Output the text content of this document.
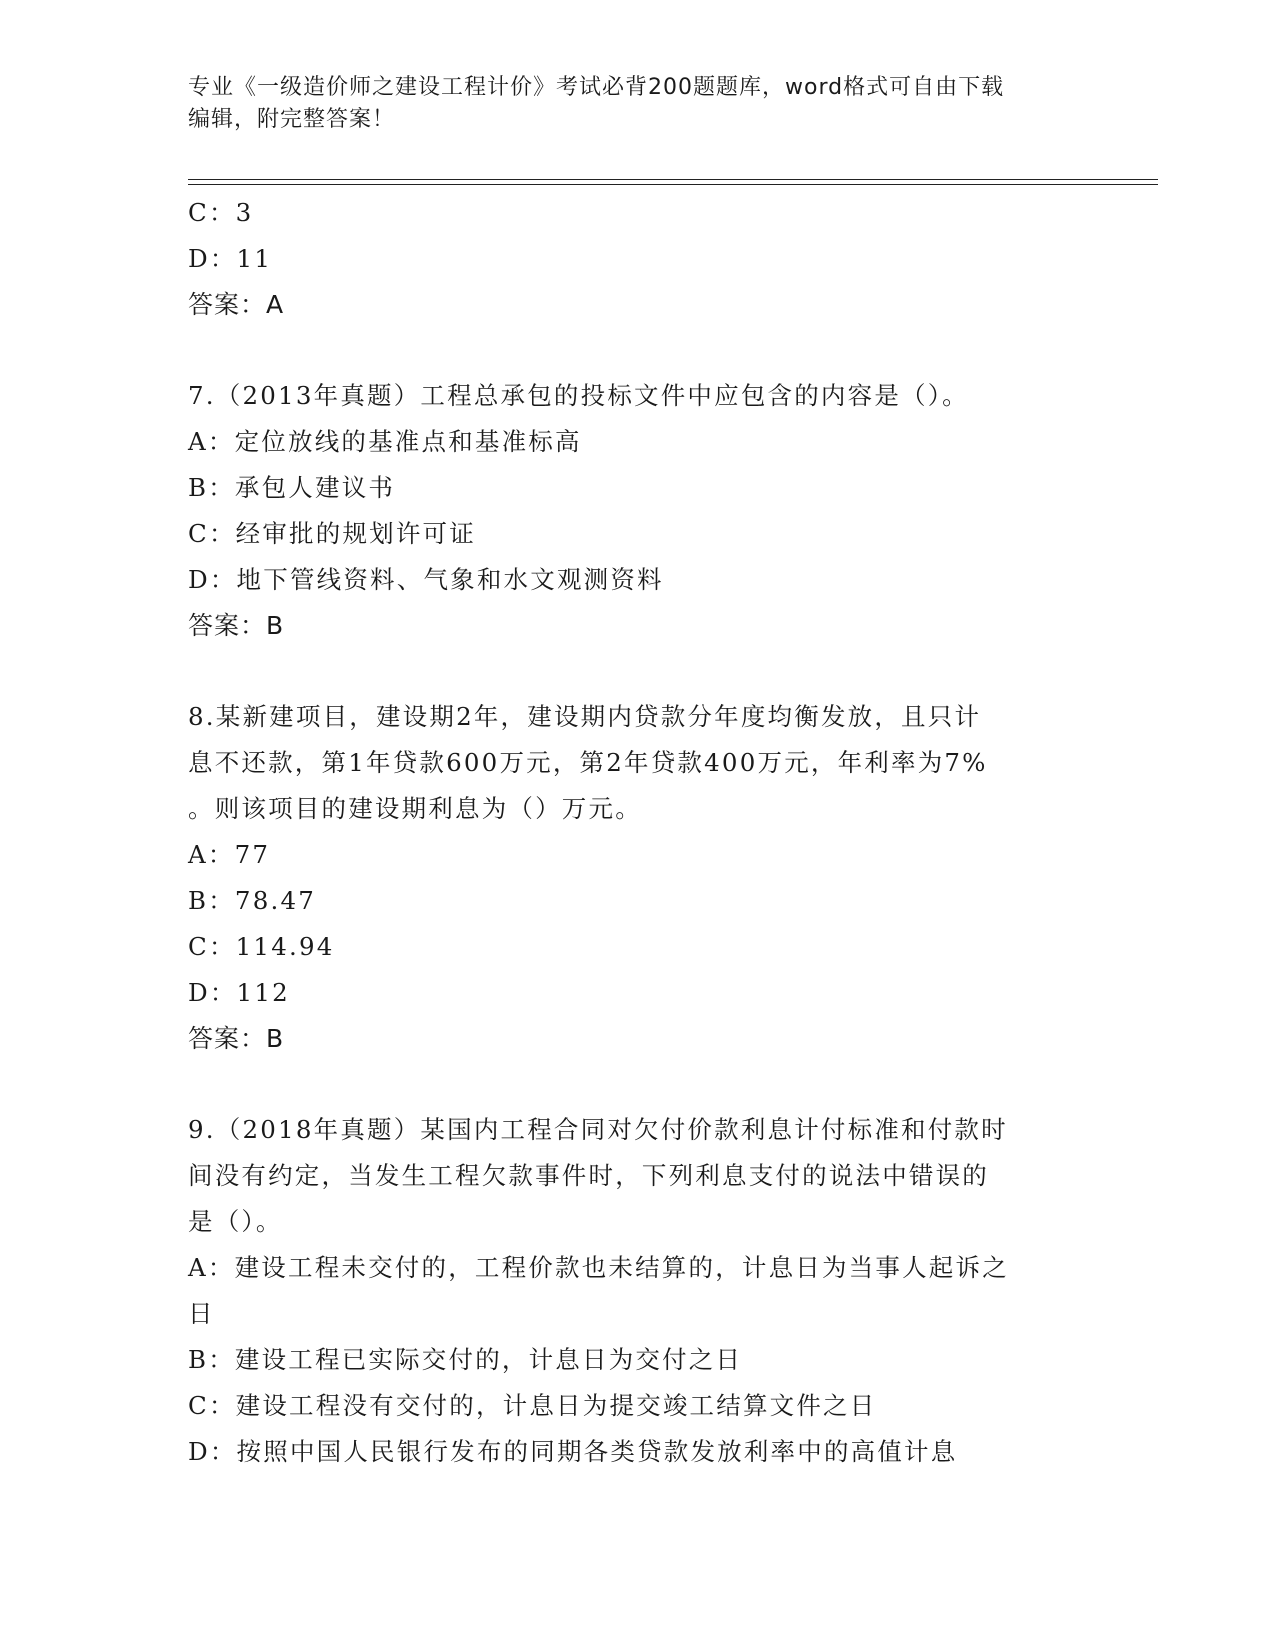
专业《一级造价师之建设工程计价》考试必背200题题库，word格式可自由下载
编辑，附完整答案！
C：3
D：11
答案：A
7.（2013年真题）工程总承包的投标文件中应包含的内容是（）。
A：定位放线的基准点和基准标高
B：承包人建议书
C：经审批的规划许可证
D：地下管线资料、气象和水文观测资料
答案：B
8.某新建项目，建设期2年，建设期内贷款分年度均衡发放，且只计
息不还款，第1年贷款600万元，第2年贷款400万元，年利率为7%
。则该项目的建设期利息为（）万元。
A：77
B：78.47
C：114.94
D：112
答案：B
9.（2018年真题）某国内工程合同对欠付价款利息计付标准和付款时
间没有约定，当发生工程欠款事件时，下列利息支付的说法中错误的
是（）。
A：建设工程未交付的，工程价款也未结算的，计息日为当事人起诉之
日
B：建设工程已实际交付的，计息日为交付之日
C：建设工程没有交付的，计息日为提交竣工结算文件之日
D：按照中国人民银行发布的同期各类贷款发放利率中的高值计息
